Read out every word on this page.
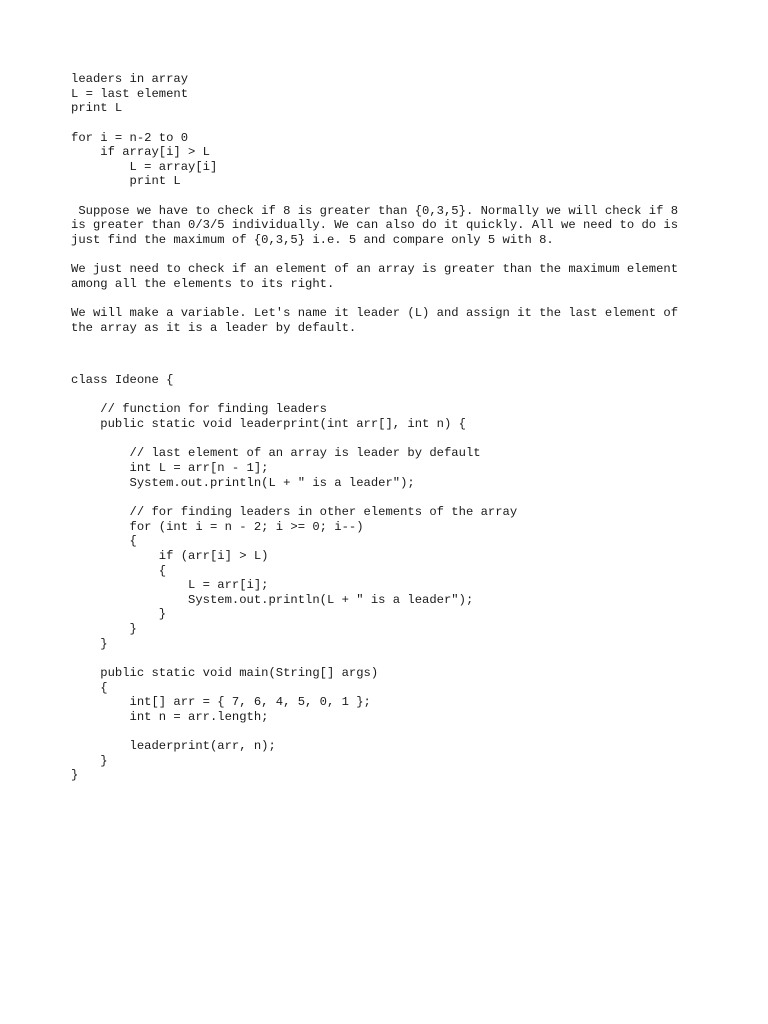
leaders in array
L = last element
print L
for i = n-2 to 0
if array[i] > L
L = array[i]
print L
Suppose we have to check if 8 is greater than {0,3,5}. Normally we will check if 8
is greater than 0/3/5 individually. We can also do it quickly. All we need to do is
just find the maximum of {0,3,5} i.e. 5 and compare only 5 with 8.
We just need to check if an element of an array is greater than the maximum element
among all the elements to its right.
We will make a variable. Let's name it leader (L) and assign it the last element of
the array as it is a leader by default.
class Ideone {
// function for finding leaders
public static void leaderprint(int arr[], int n) {
// last element of an array is leader by default
int L = arr[n - 1];
System.out.println(L + " is a leader");
// for finding leaders in other elements of the array
for (int i = n - 2; i >= 0; i--)
{
if (arr[i] > L)
{
L = arr[i];
System.out.println(L + " is a leader");
}
}
}
public static void main(String[] args)
{
int[] arr = { 7, 6, 4, 5, 0, 1 };
int n = arr.length;
leaderprint(arr, n);
}
}
